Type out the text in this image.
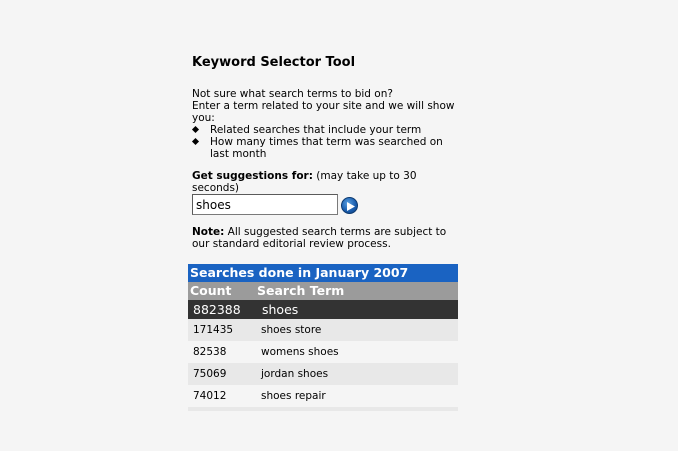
Keyword Selector Tool

Not sure what search terms to bid on?

Enter a term related to your site and we will show you:

Related searches that include your term
How many times that term was searched on last month
Get suggestions for: (may take up to 30 seconds)
shoes
Note: All suggested search terms are subject to our standard editorial review process.
Searches done in January 2007
Count Search Term
882388 shoes
171435	shoes store
82538	womens shoes
75069	jordan shoes
74012	shoes repair
